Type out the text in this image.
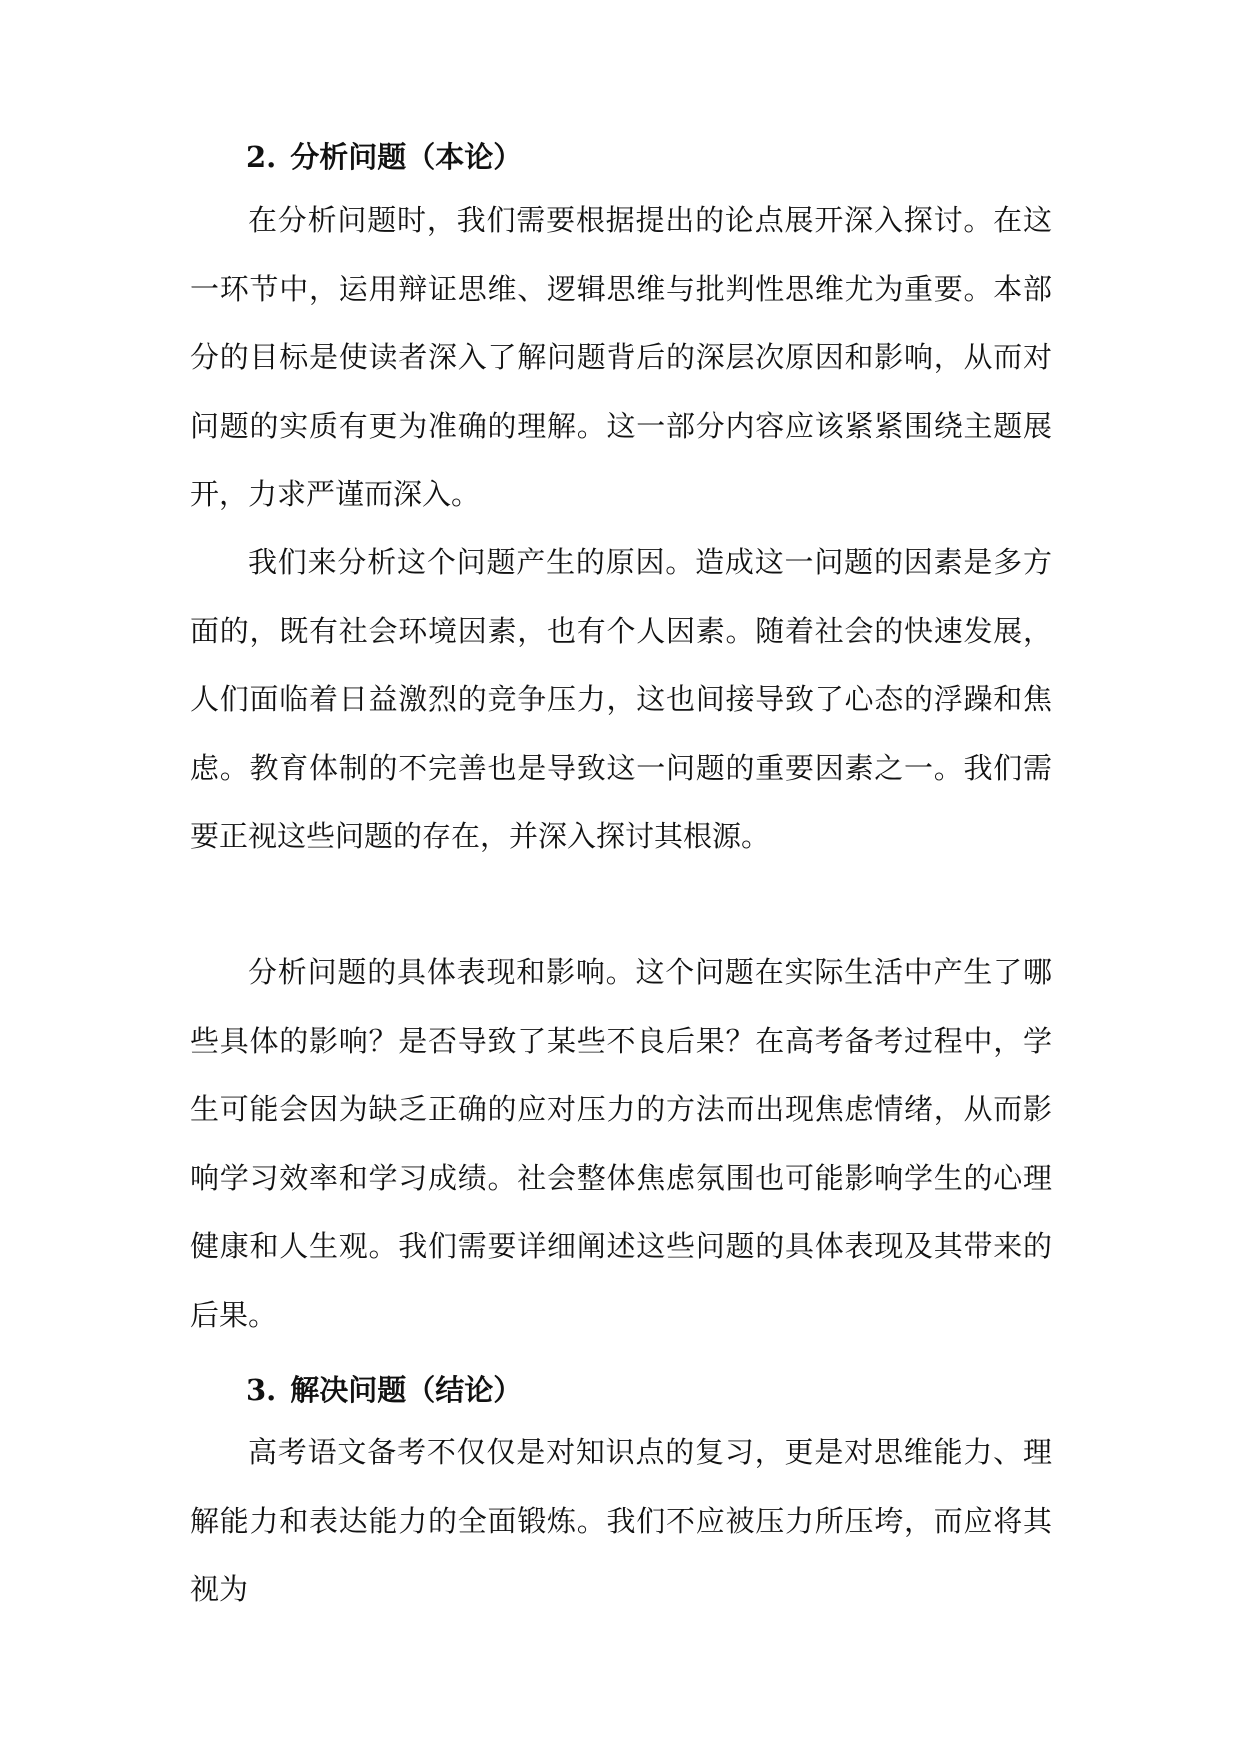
2. 分析问题（本论）

在分析问题时，我们需要根据提出的论点展开深入探讨。在这一环节中，运用辩证思维、逻辑思维与批判性思维尤为重要。本部分的目标是使读者深入了解问题背后的深层次原因和影响，从而对问题的实质有更为准确的理解。这一部分内容应该紧紧围绕主题展开，力求严谨而深入。

我们来分析这个问题产生的原因。造成这一问题的因素是多方面的，既有社会环境因素，也有个人因素。随着社会的快速发展，人们面临着日益激烈的竞争压力，这也间接导致了心态的浮躁和焦虑。教育体制的不完善也是导致这一问题的重要因素之一。我们需要正视这些问题的存在，并深入探讨其根源。

分析问题的具体表现和影响。这个问题在实际生活中产生了哪些具体的影响？是否导致了某些不良后果？在高考备考过程中，学生可能会因为缺乏正确的应对压力的方法而出现焦虑情绪，从而影响学习效率和学习成绩。社会整体焦虑氛围也可能影响学生的心理健康和人生观。我们需要详细阐述这些问题的具体表现及其带来的后果。

3. 解决问题（结论）

高考语文备考不仅仅是对知识点的复习，更是对思维能力、理解能力和表达能力的全面锻炼。我们不应被压力所压垮，而应将其视为
